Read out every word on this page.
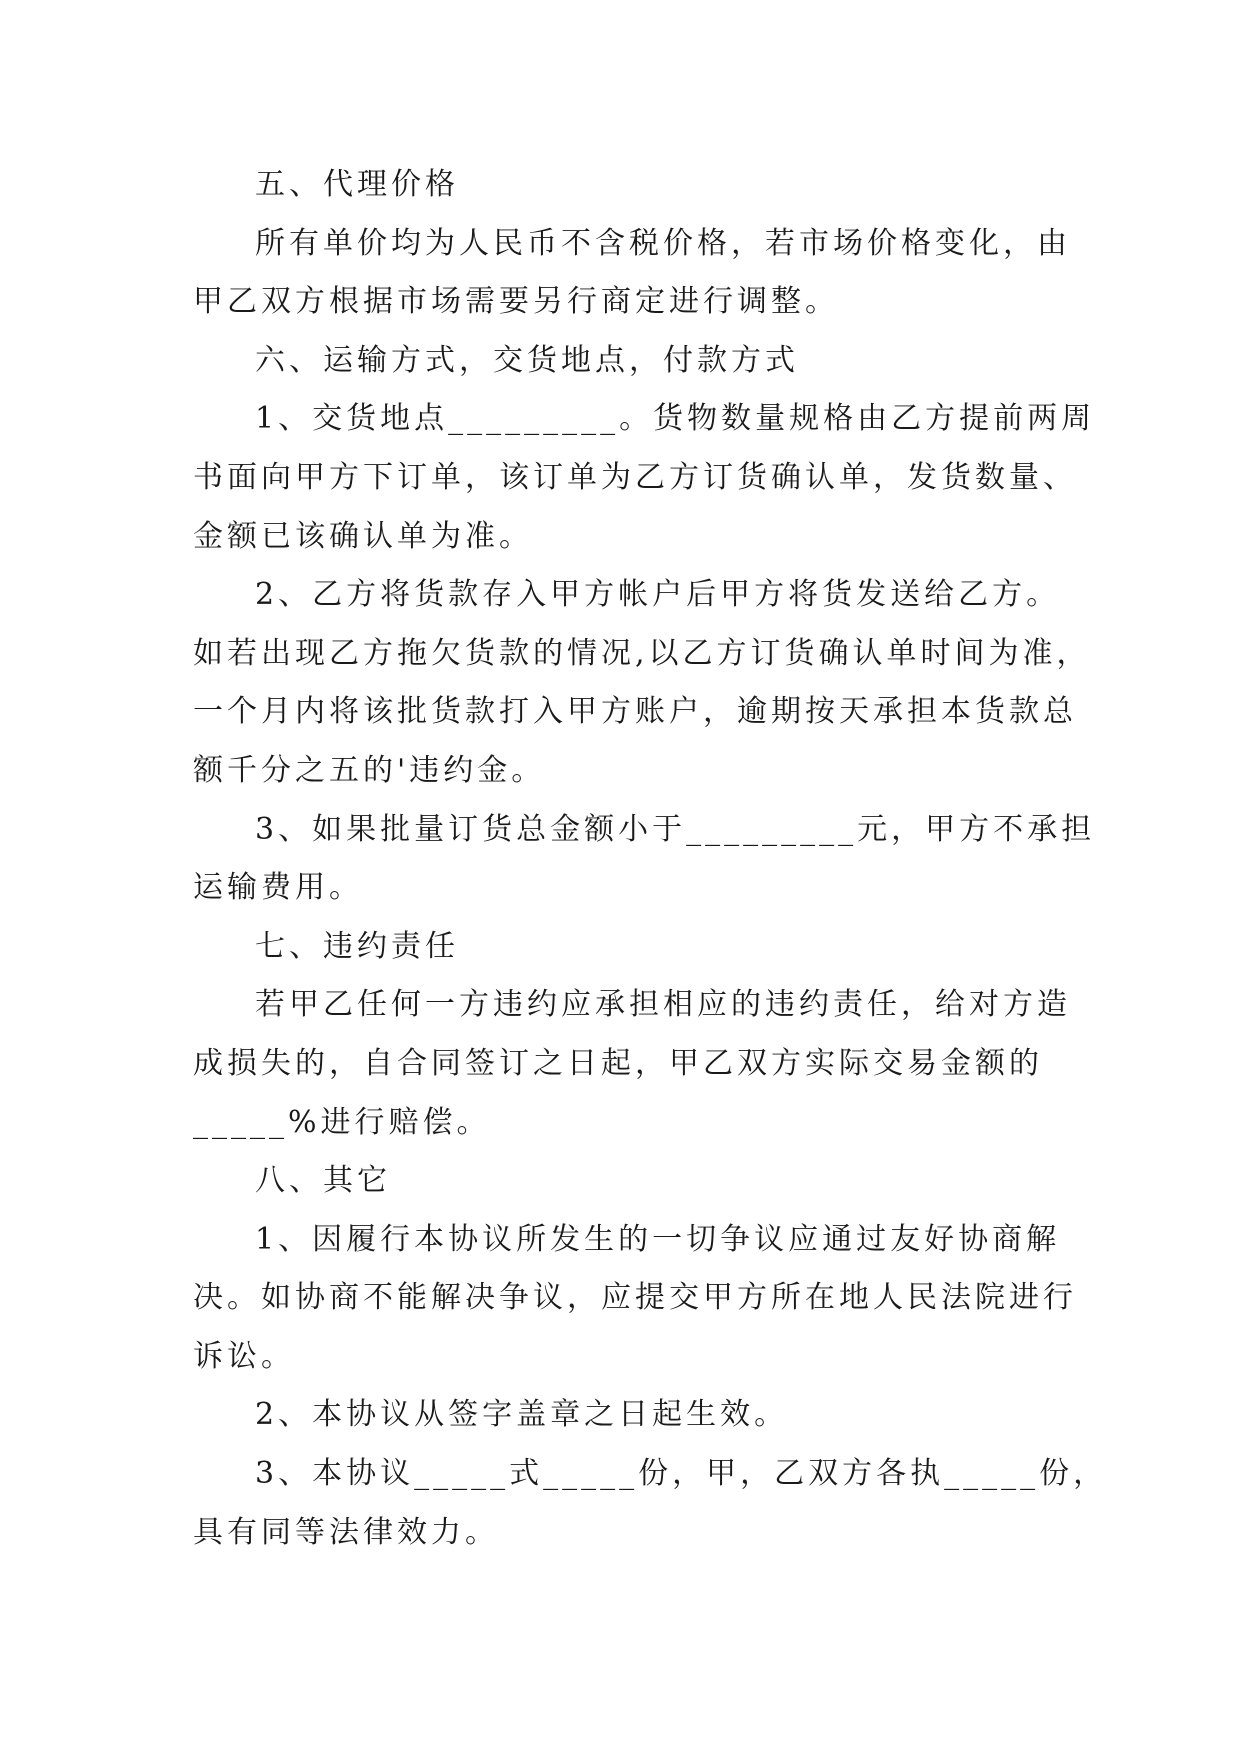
五、代理价格
所有单价均为人民币不含税价格，若市场价格变化，由
甲乙双方根据市场需要另行商定进行调整。
六、运输方式，交货地点，付款方式
1、交货地点_________。货物数量规格由乙方提前两周
书面向甲方下订单，该订单为乙方订货确认单，发货数量、
金额已该确认单为准。
2、乙方将货款存入甲方帐户后甲方将货发送给乙方。
如若出现乙方拖欠货款的情况,以乙方订货确认单时间为准，
一个月内将该批货款打入甲方账户，逾期按天承担本货款总
额千分之五的'违约金。
3、如果批量订货总金额小于_________元，甲方不承担
运输费用。
七、违约责任
若甲乙任何一方违约应承担相应的违约责任，给对方造
成损失的，自合同签订之日起，甲乙双方实际交易金额的
_____%进行赔偿。
八、其它
1、因履行本协议所发生的一切争议应通过友好协商解
决。如协商不能解决争议，应提交甲方所在地人民法院进行
诉讼。
2、本协议从签字盖章之日起生效。
3、本协议_____式_____份，甲，乙双方各执_____份，
具有同等法律效力。
